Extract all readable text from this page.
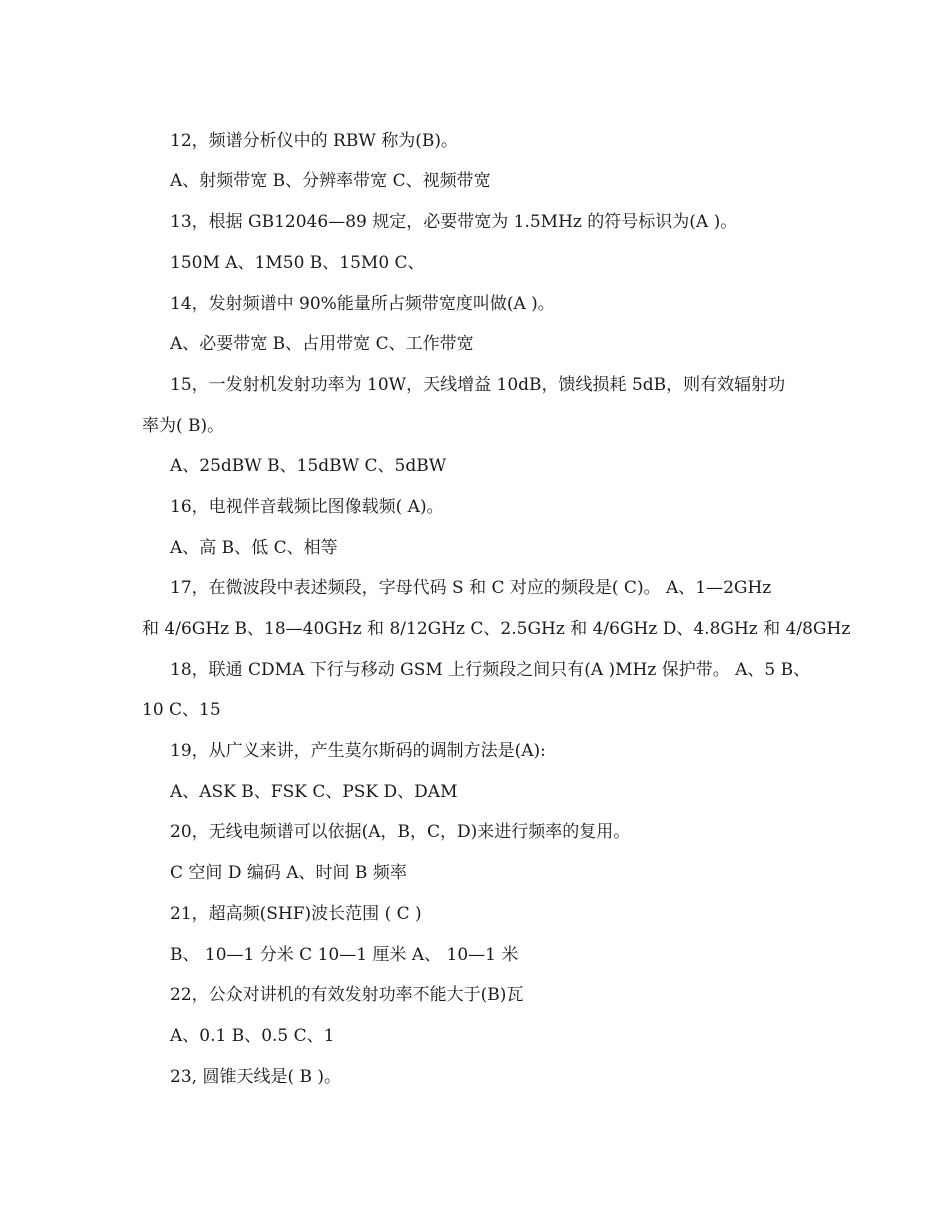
12，频谱分析仪中的 RBW 称为(B)。
A、射频带宽 B、分辨率带宽 C、视频带宽
13，根据 GB12046—89 规定，必要带宽为 1.5MHz 的符号标识为(A )。
150M A、1M50 B、15M0 C、
14，发射频谱中 90%能量所占频带宽度叫做(A )。
A、必要带宽 B、占用带宽 C、工作带宽
15，一发射机发射功率为 10W，天线增益 10dB，馈线损耗 5dB，则有效辐射功
率为( B)。
A、25dBW B、15dBW C、5dBW
16，电视伴音载频比图像载频( A)。
A、高 B、低 C、相等
17，在微波段中表述频段，字母代码 S 和 C 对应的频段是( C)。 A、1—2GHz
和 4/6GHz B、18—40GHz 和 8/12GHz C、2.5GHz 和 4/6GHz D、4.8GHz 和 4/8GHz
18，联通 CDMA 下行与移动 GSM 上行频段之间只有(A )MHz 保护带。 A、5 B、
10 C、15
19，从广义来讲，产生莫尔斯码的调制方法是(A):
A、ASK B、FSK C、PSK D、DAM
20，无线电频谱可以依据(A，B，C，D)来进行频率的复用。
C 空间 D 编码 A、时间 B 频率
21，超高频(SHF)波长范围 ( C )
B、 10—1 分米 C 10—1 厘米 A、 10—1 米
22，公众对讲机的有效发射功率不能大于(B)瓦
A、0.1 B、0.5 C、1
23, 圆锥天线是( B )。
